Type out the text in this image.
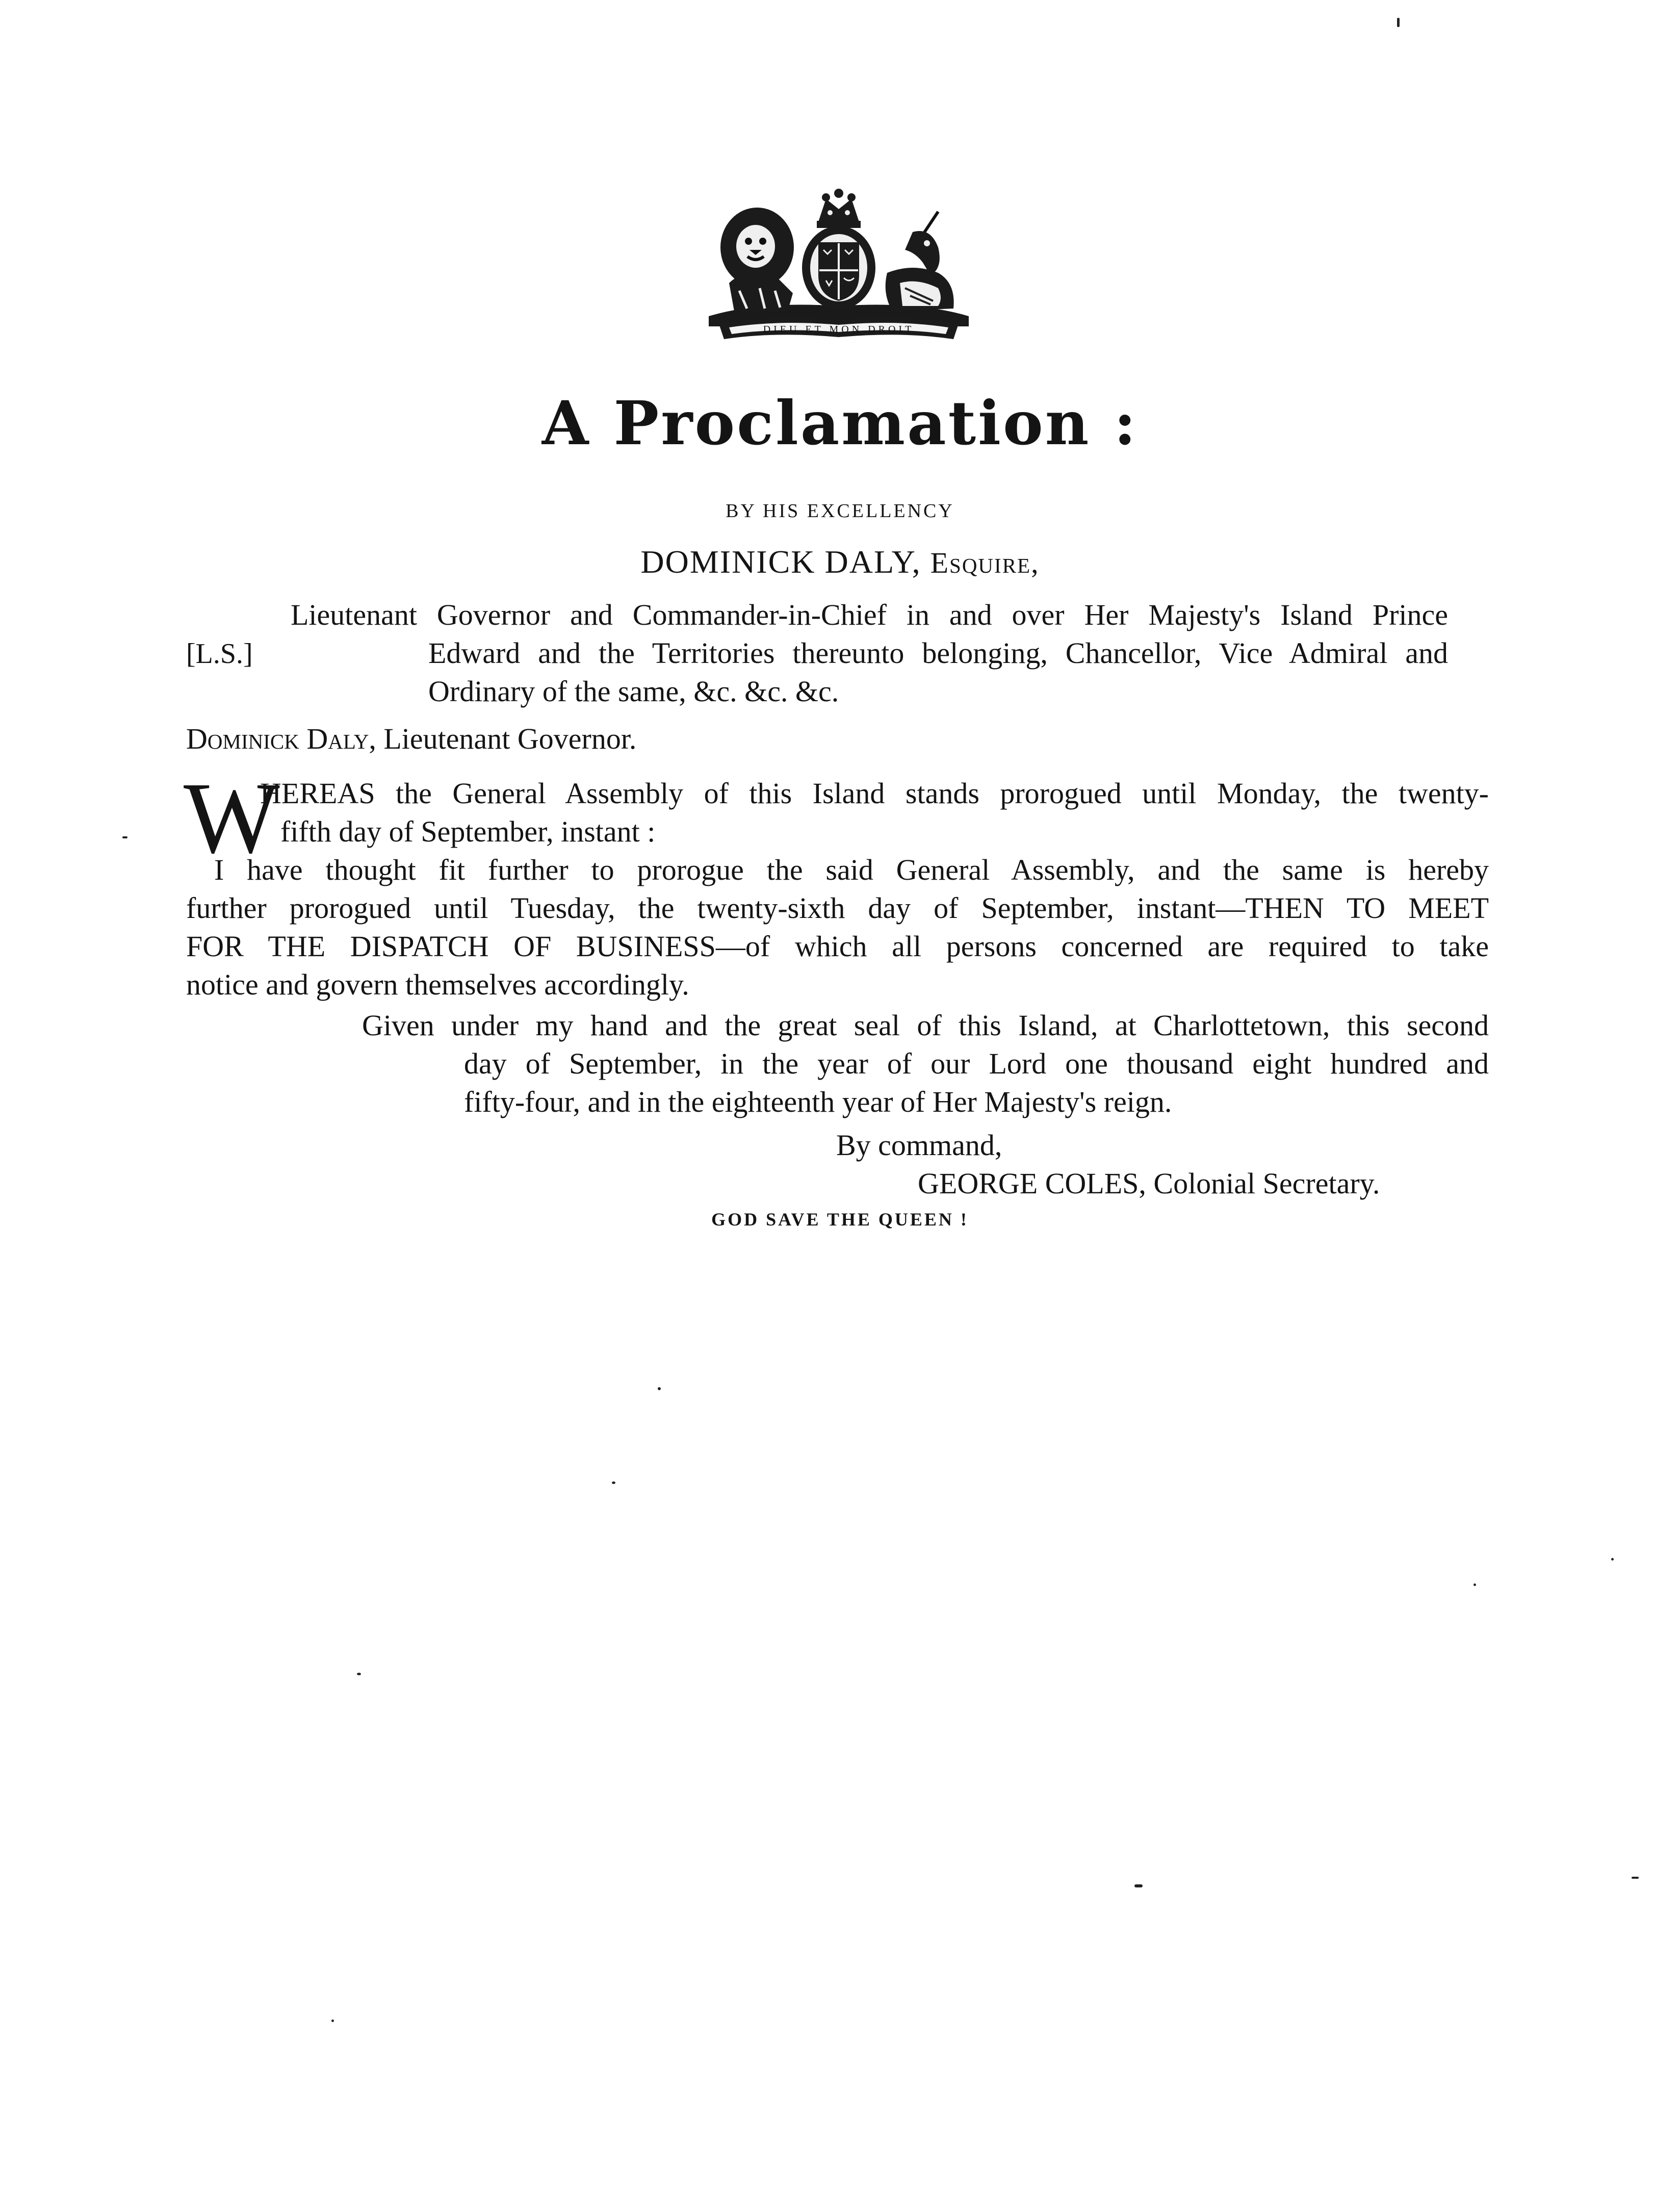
DIEU ET MON DROIT
A Proclamation :
BY HIS EXCELLENCY
DOMINICK DALY, Esquire,
Lieutenant Governor and Commander-in-Chief in and over Her Majesty's Island Prince
Edward and the Territories thereunto belonging, Chancellor, Vice Admiral and
Ordinary of the same, &c. &c. &c.
[L.S.]
Dominick Daly, Lieutenant Governor.
W
HEREAS the General Assembly of this Island stands prorogued until Monday, the twenty-
fifth day of September, instant :
I have thought fit further to prorogue the said General Assembly, and the same is hereby
further prorogued until Tuesday, the twenty-sixth day of September, instant—THEN TO MEET
FOR THE DISPATCH OF BUSINESS—of which all persons concerned are required to take
notice and govern themselves accordingly.
Given under my hand and the great seal of this Island, at Charlottetown, this second
day of September, in the year of our Lord one thousand eight hundred and
fifty-four, and in the eighteenth year of Her Majesty's reign.
By command,
GEORGE COLES, Colonial Secretary.
GOD SAVE THE QUEEN !
